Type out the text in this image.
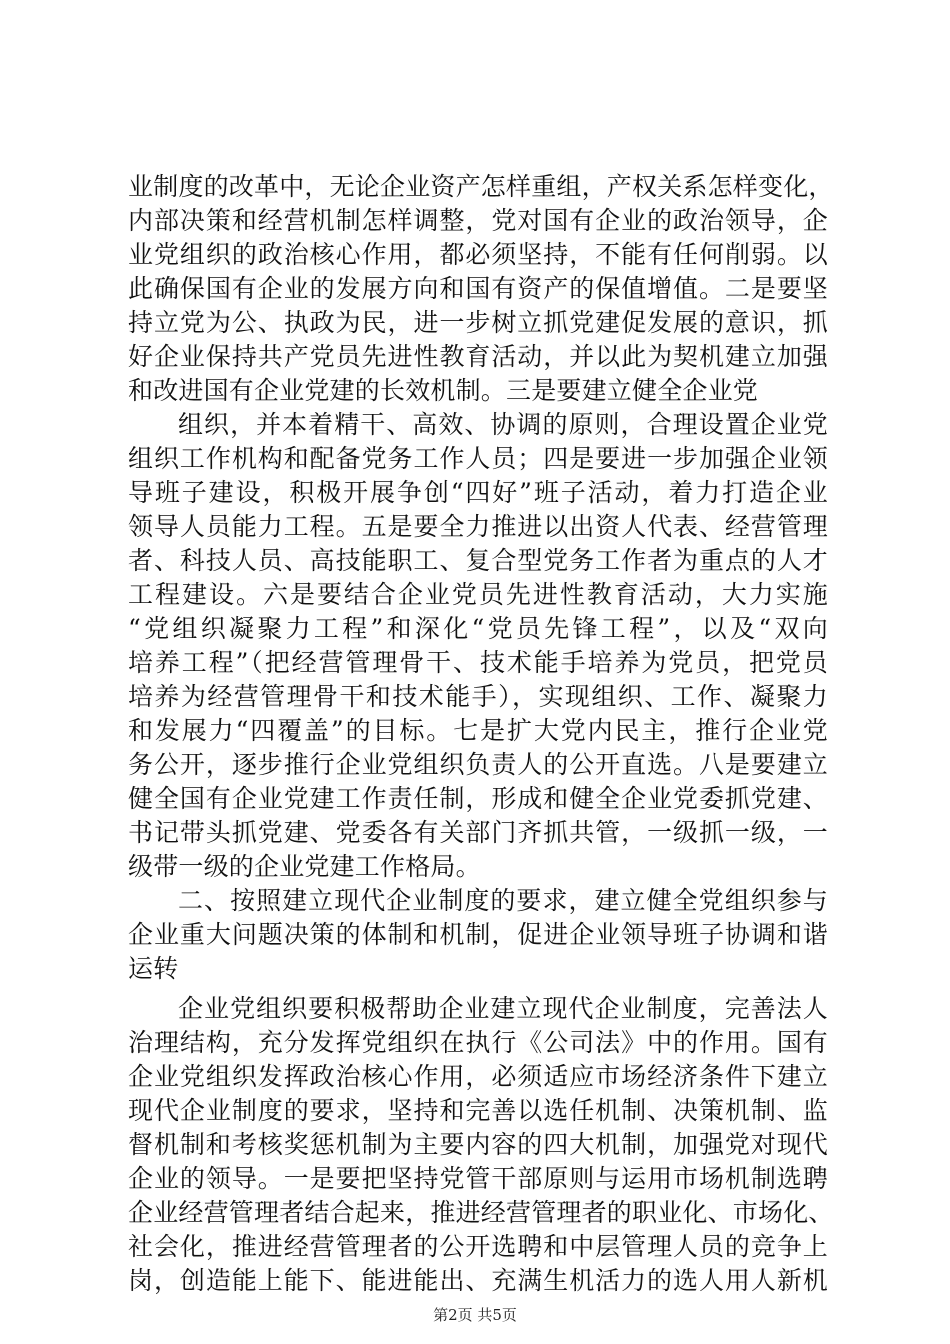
业制度的改革中，无论企业资产怎样重组，产权关系怎样变化，
内部决策和经营机制怎样调整，党对国有企业的政治领导，企
业党组织的政治核心作用，都必须坚持，不能有任何削弱。以
此确保国有企业的发展方向和国有资产的保值增值。二是要坚
持立党为公、执政为民，进一步树立抓党建促发展的意识，抓
好企业保持共产党员先进性教育活动，并以此为契机建立加强
和改进国有企业党建的长效机制。三是要建立健全企业党
组织，并本着精干、高效、协调的原则，合理设置企业党
组织工作机构和配备党务工作人员；四是要进一步加强企业领
导班子建设，积极开展争创“四好”班子活动，着力打造企业
领导人员能力工程。五是要全力推进以出资人代表、经营管理
者、科技人员、高技能职工、复合型党务工作者为重点的人才
工程建设。六是要结合企业党员先进性教育活动，大力实施
“党组织凝聚力工程”和深化“党员先锋工程”，以及“双向
培养工程”（把经营管理骨干、技术能手培养为党员，把党员
培养为经营管理骨干和技术能手），实现组织、工作、凝聚力
和发展力“四覆盖”的目标。七是扩大党内民主，推行企业党
务公开，逐步推行企业党组织负责人的公开直选。八是要建立
健全国有企业党建工作责任制，形成和健全企业党委抓党建、
书记带头抓党建、党委各有关部门齐抓共管，一级抓一级，一
级带一级的企业党建工作格局。
二、按照建立现代企业制度的要求，建立健全党组织参与
企业重大问题决策的体制和机制，促进企业领导班子协调和谐
运转
企业党组织要积极帮助企业建立现代企业制度，完善法人
治理结构，充分发挥党组织在执行《公司法》中的作用。国有
企业党组织发挥政治核心作用，必须适应市场经济条件下建立
现代企业制度的要求，坚持和完善以选任机制、决策机制、监
督机制和考核奖惩机制为主要内容的四大机制，加强党对现代
企业的领导。一是要把坚持党管干部原则与运用市场机制选聘
企业经营管理者结合起来，推进经营管理者的职业化、市场化、
社会化，推进经营管理者的公开选聘和中层管理人员的竞争上
岗，创造能上能下、能进能出、充满生机活力的选人用人新机
第2页 共5页
